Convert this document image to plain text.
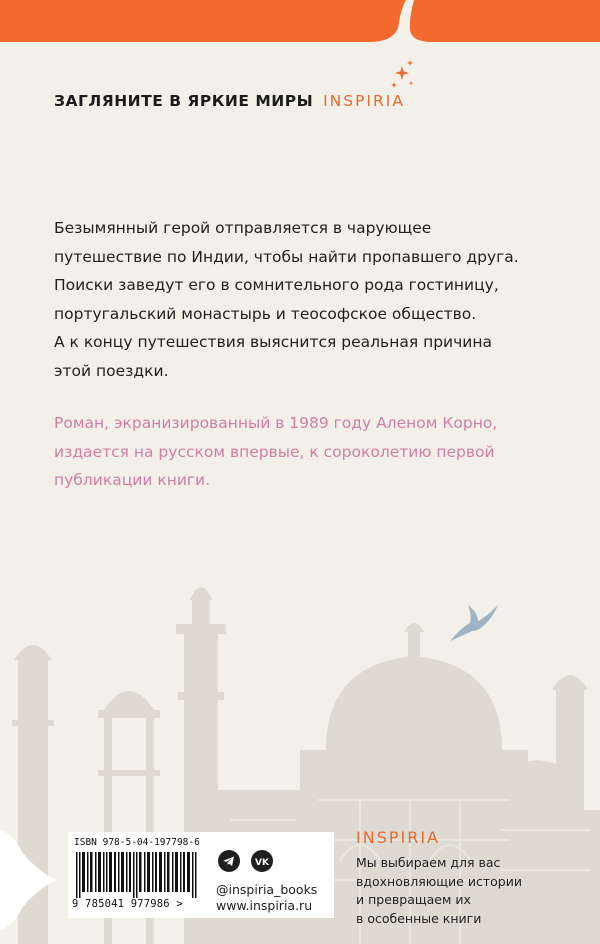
ЗАГЛЯНИТЕ В ЯРКИЕ МИРЫ INSPIRIA

Безымянный герой отправляется в чарующее
путешествие по Индии, чтобы найти пропавшего друга.
Поиски заведут его в сомнительного рода гостиницу,
португальский монастырь и теософское общество.
А к концу путешествия выяснится реальная причина
этой поездки.

Роман, экранизированный в 1989 году Аленом Корно,
издается на русском впервые, к сороколетию первой
публикации книги.

ISBN 978-5-04-197798-6
9 785041 977986 >

VK
@inspiria_books
www.inspiria.ru
INSPIRIA

Мы выбираем для вас
вдохновляющие истории
и превращаем их
в особенные книги
